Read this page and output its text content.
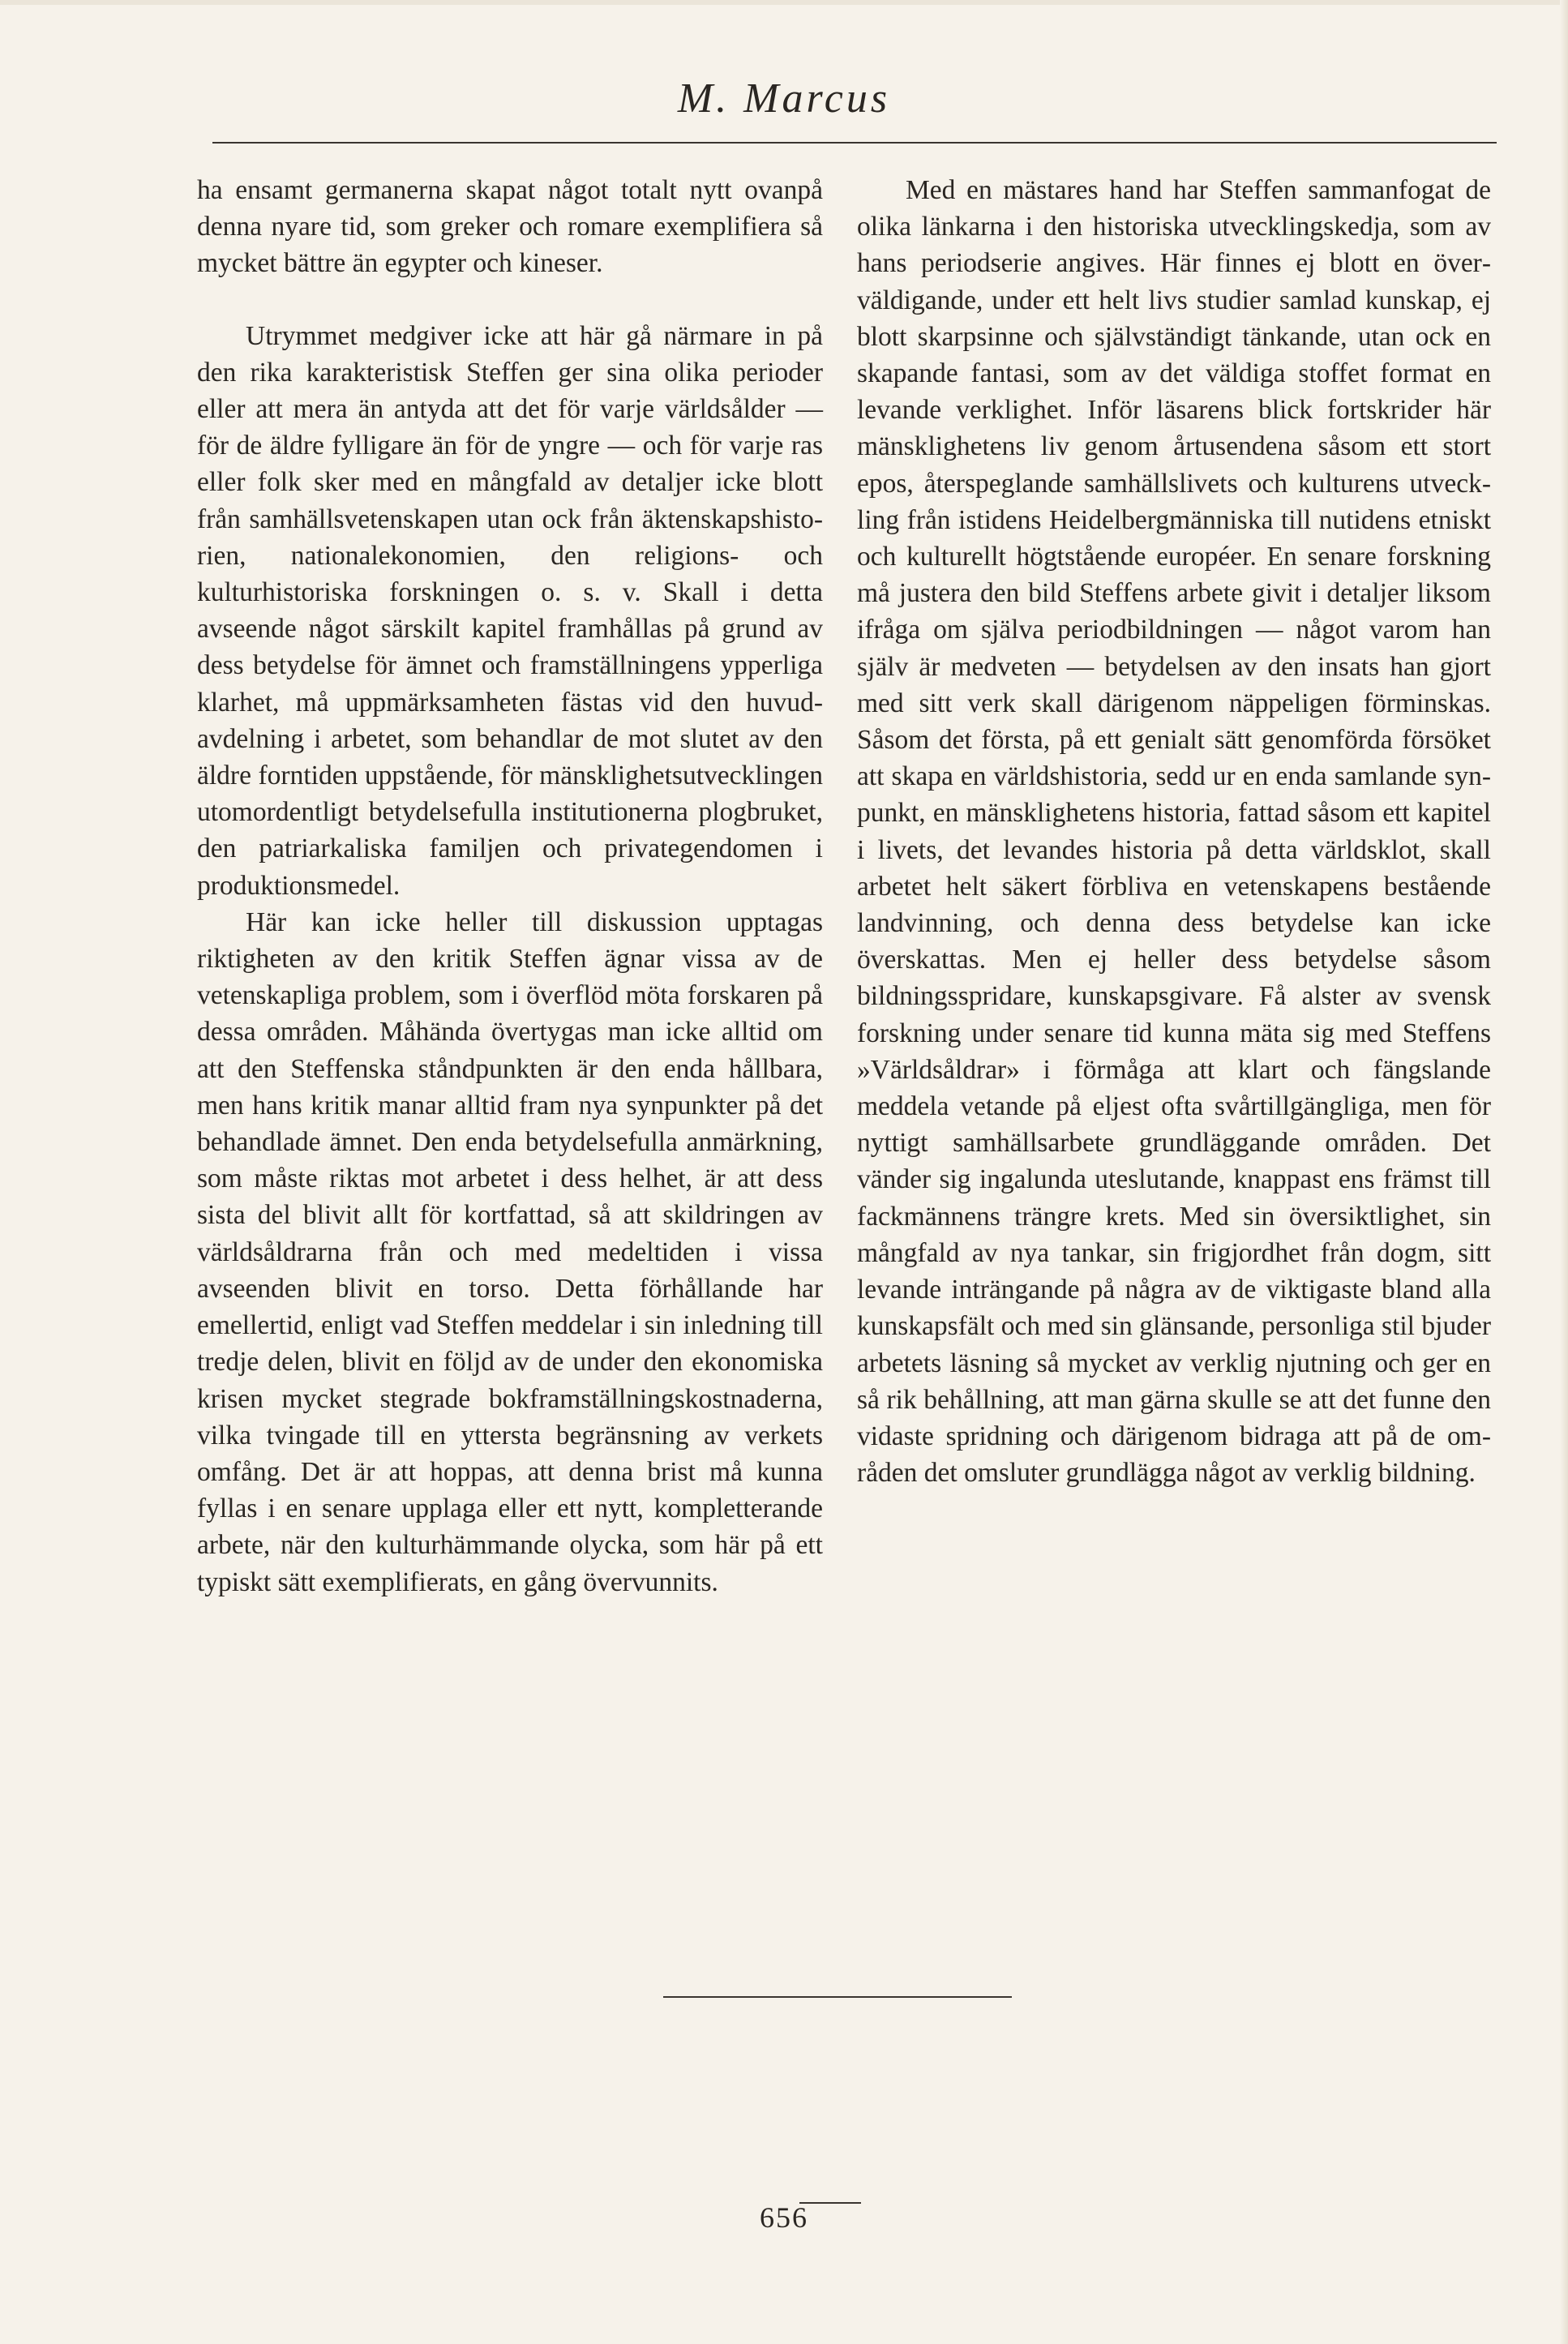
M. Marcus

ha ensamt germanerna skapat något totalt nytt ovanpå denna nyare tid, som greker och romare exemplifiera så mycket bättre än egypter och kineser.

Utrymmet medgiver icke att här gå närmare in på den rika karakteristisk Steffen ger sina olika perioder eller att mera än antyda att det för varje världsålder — för de äldre fylligare än för de yngre — och för varje ras eller folk sker med en mångfald av detaljer icke blott från samhällsvetenskapen utan ock från äktenskapshistorien, nationalekonomien, den religions- och kulturhistoriska forskningen o. s. v. Skall i detta avseende något särskilt kapitel framhållas på grund av dess betydelse för ämnet och framställningens ypperliga klarhet, må uppmärksamheten fästas vid den huvudavdelning i arbetet, som behandlar de mot slutet av den äldre forntiden uppstående, för mänsklighetsutvecklingen utomordentligt betydelsefulla institutionerna plogbruket, den patriarkaliska familjen och privategendomen i produktionsmedel.

Här kan icke heller till diskussion upptagas riktigheten av den kritik Steffen ägnar vissa av de vetenskapliga problem, som i överflöd möta forskaren på dessa områden. Måhända övertygas man icke alltid om att den Steffenska ståndpunkten är den enda hållbara, men hans kritik manar alltid fram nya synpunkter på det behandlade ämnet. Den enda betydelsefulla anmärkning, som måste riktas mot arbetet i dess helhet, är att dess sista del blivit allt för kortfattad, så att skildringen av världsåldrarna från och med medeltiden i vissa avseenden blivit en torso. Detta förhållande har emellertid, enligt vad Steffen meddelar i sin inledning till tredje delen, blivit en följd av de under den ekonomiska krisen mycket stegrade bokframställningskostnaderna, vilka tvingade till en yttersta begränsning av verkets omfång. Det är att hoppas, att denna brist må kunna fyllas i en senare upplaga eller ett nytt, kompletterande arbete, när den kulturhämmande olycka, som här på ett typiskt sätt exemplifierats, en gång övervunnits.

Med en mästares hand har Steffen sammanfogat de olika länkarna i den historiska utvecklingskedja, som av hans periodserie angives. Här finnes ej blott en överväldigande, under ett helt livs studier samlad kunskap, ej blott skarpsinne och självständigt tänkande, utan ock en skapande fantasi, som av det väldiga stoffet format en levande verklighet. Inför läsarens blick fortskrider här mänsklighetens liv genom årtusendena såsom ett stort epos, återspeglande samhällslivets och kulturens utveckling från istidens Heidelbergmänniska till nutidens etniskt och kulturellt högtstående européer. En senare forskning må justera den bild Steffens arbete givit i detaljer liksom ifråga om själva periodbildningen — något varom han själv är medveten — betydelsen av den insats han gjort med sitt verk skall därigenom näppeligen förminskas. Såsom det första, på ett genialt sätt genomförda försöket att skapa en världshistoria, sedd ur en enda samlande synpunkt, en mänsklighetens historia, fattad såsom ett kapitel i livets, det levandes historia på detta världsklot, skall arbetet helt säkert förbliva en vetenskapens bestående landvinning, och denna dess betydelse kan icke överskattas. Men ej heller dess betydelse såsom bildningsspridare, kunskapsgivare. Få alster av svensk forskning under senare tid kunna mäta sig med Steffens »Världsåldrar» i förmåga att klart och fängslande meddela vetande på eljest ofta svårtillgängliga, men för nyttigt samhällsarbete grundläggande områden. Det vänder sig ingalunda uteslutande, knappast ens främst till fackmännens trängre krets. Med sin översiktlighet, sin mångfald av nya tankar, sin frigjordhet från dogm, sitt levande inträngande på några av de viktigaste bland alla kunskapsfält och med sin glänsande, personliga stil bjuder arbetets läsning så mycket av verklig njutning och ger en så rik behållning, att man gärna skulle se att det funne den vidaste spridning och därigenom bidraga att på de områden det omsluter grundlägga något av verklig bildning.

656
